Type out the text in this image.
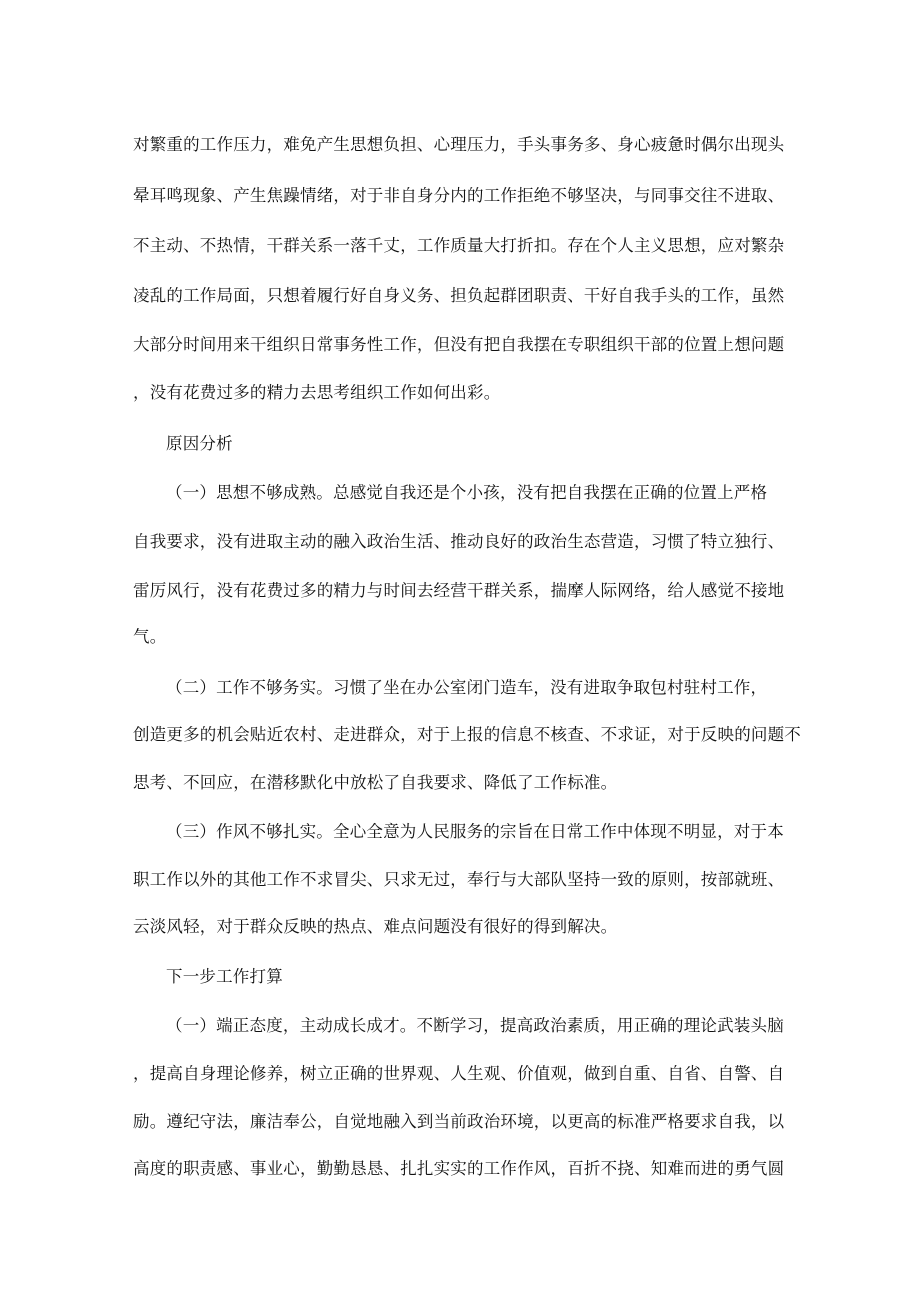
对繁重的工作压力，难免产生思想负担、心理压力，手头事务多、身心疲惫时偶尔出现头
晕耳鸣现象、产生焦躁情绪，对于非自身分内的工作拒绝不够坚决，与同事交往不进取、
不主动、不热情，干群关系一落千丈，工作质量大打折扣。存在个人主义思想，应对繁杂
凌乱的工作局面，只想着履行好自身义务、担负起群团职责、干好自我手头的工作，虽然
大部分时间用来干组织日常事务性工作，但没有把自我摆在专职组织干部的位置上想问题
，没有花费过多的精力去思考组织工作如何出彩。
原因分析
（一）思想不够成熟。总感觉自我还是个小孩，没有把自我摆在正确的位置上严格
自我要求，没有进取主动的融入政治生活、推动良好的政治生态营造，习惯了特立独行、
雷厉风行，没有花费过多的精力与时间去经营干群关系，揣摩人际网络，给人感觉不接地
气。
（二）工作不够务实。习惯了坐在办公室闭门造车，没有进取争取包村驻村工作，
创造更多的机会贴近农村、走进群众，对于上报的信息不核查、不求证，对于反映的问题不
思考、不回应，在潜移默化中放松了自我要求、降低了工作标准。
（三）作风不够扎实。全心全意为人民服务的宗旨在日常工作中体现不明显，对于本
职工作以外的其他工作不求冒尖、只求无过，奉行与大部队坚持一致的原则，按部就班、
云淡风轻，对于群众反映的热点、难点问题没有很好的得到解决。
下一步工作打算
（一）端正态度，主动成长成才。不断学习，提高政治素质，用正确的理论武装头脑
，提高自身理论修养，树立正确的世界观、人生观、价值观，做到自重、自省、自警、自
励。遵纪守法，廉洁奉公，自觉地融入到当前政治环境，以更高的标准严格要求自我，以
高度的职责感、事业心，勤勤恳恳、扎扎实实的工作作风，百折不挠、知难而进的勇气圆
